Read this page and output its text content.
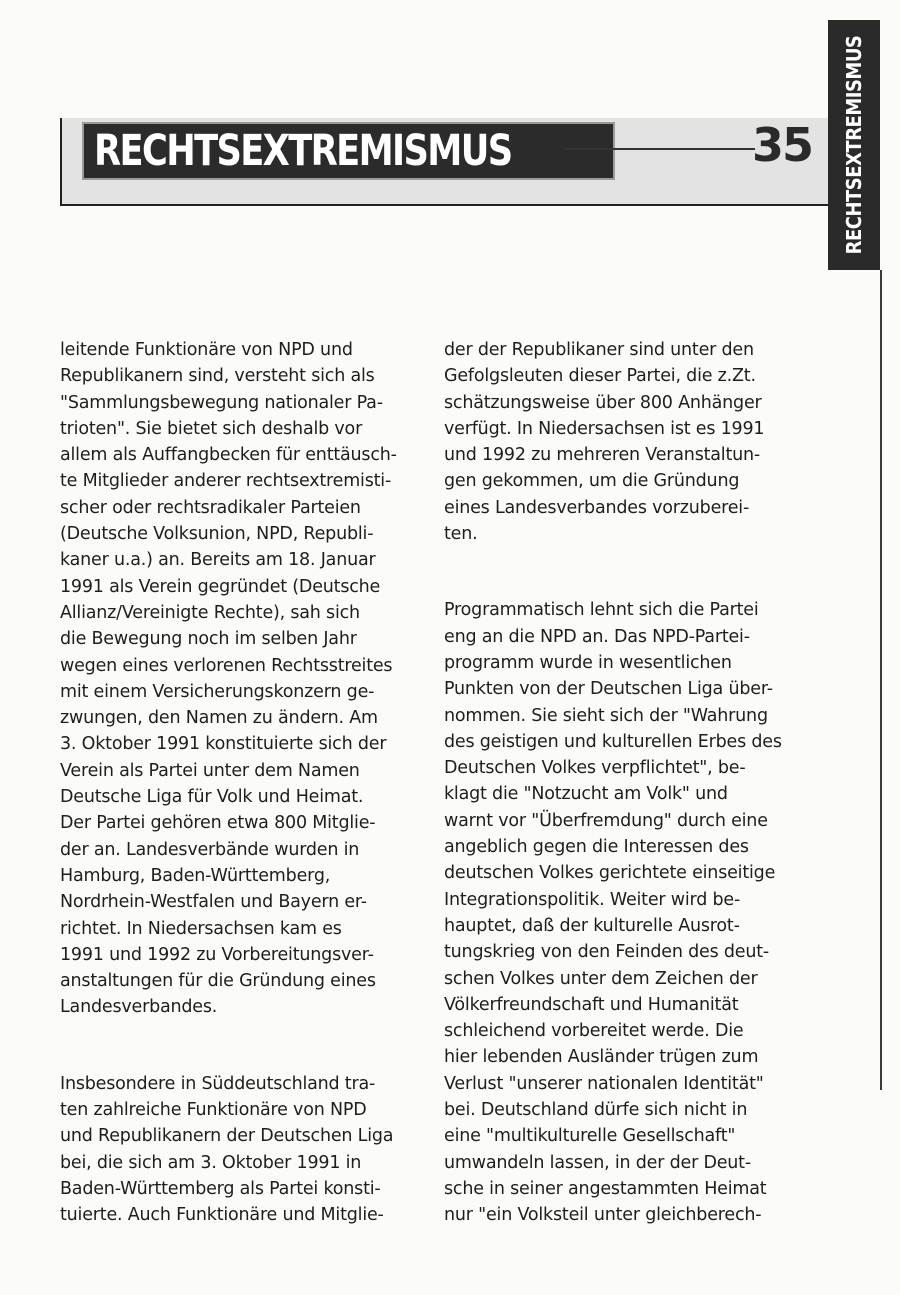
RECHTSEXTREMISMUS	35	RECHTSEXTREMISMUS

leitende Funktionäre von NPD und

Republikanern sind, versteht sich als

"Sammlungsbewegung nationaler Pa-

trioten". Sie bietet sich deshalb vor

allem als Auffangbecken für enttäusch-

te Mitglieder anderer rechtsextremisti-

scher oder rechtsradikaler Parteien

(Deutsche Volksunion, NPD, Republi-

kaner u.a.) an. Bereits am 18. Januar

1991 als Verein gegründet (Deutsche

Allianz/Vereinigte Rechte), sah sich

die Bewegung noch im selben Jahr

wegen eines verlorenen Rechtsstreites

mit einem Versicherungskonzern ge-

zwungen, den Namen zu ändern. Am

3. Oktober 1991 konstituierte sich der

Verein als Partei unter dem Namen

Deutsche Liga für Volk und Heimat.

Der Partei gehören etwa 800 Mitglie-

der an. Landesverbände wurden in

Hamburg, Baden-Württemberg,

Nordrhein-Westfalen und Bayern er-

richtet. In Niedersachsen kam es

1991 und 1992 zu Vorbereitungsver-

anstaltungen für die Gründung eines

Landesverbandes.

Insbesondere in Süddeutschland tra-

ten zahlreiche Funktionäre von NPD

und Republikanern der Deutschen Liga

bei, die sich am 3. Oktober 1991 in

Baden-Württemberg als Partei konsti-

tuierte. Auch Funktionäre und Mitglie-

der der Republikaner sind unter den

Gefolgsleuten dieser Partei, die z.Zt.

schätzungsweise über 800 Anhänger

verfügt. In Niedersachsen ist es 1991

und 1992 zu mehreren Veranstaltun-

gen gekommen, um die Gründung

eines Landesverbandes vorzuberei-

ten.

Programmatisch lehnt sich die Partei

eng an die NPD an. Das NPD-Partei-

programm wurde in wesentlichen

Punkten von der Deutschen Liga über-

nommen. Sie sieht sich der "Wahrung

des geistigen und kulturellen Erbes des

Deutschen Volkes verpflichtet", be-

klagt die "Notzucht am Volk" und

warnt vor "Überfremdung" durch eine

angeblich gegen die Interessen des

deutschen Volkes gerichtete einseitige

Integrationspolitik. Weiter wird be-

hauptet, daß der kulturelle Ausrot-

tungskrieg von den Feinden des deut-

schen Volkes unter dem Zeichen der

Völkerfreundschaft und Humanität

schleichend vorbereitet werde. Die

hier lebenden Ausländer trügen zum

Verlust "unserer nationalen Identität"

bei. Deutschland dürfe sich nicht in

eine "multikulturelle Gesellschaft"

umwandeln lassen, in der der Deut-

sche in seiner angestammten Heimat

nur "ein Volksteil unter gleichberech-
